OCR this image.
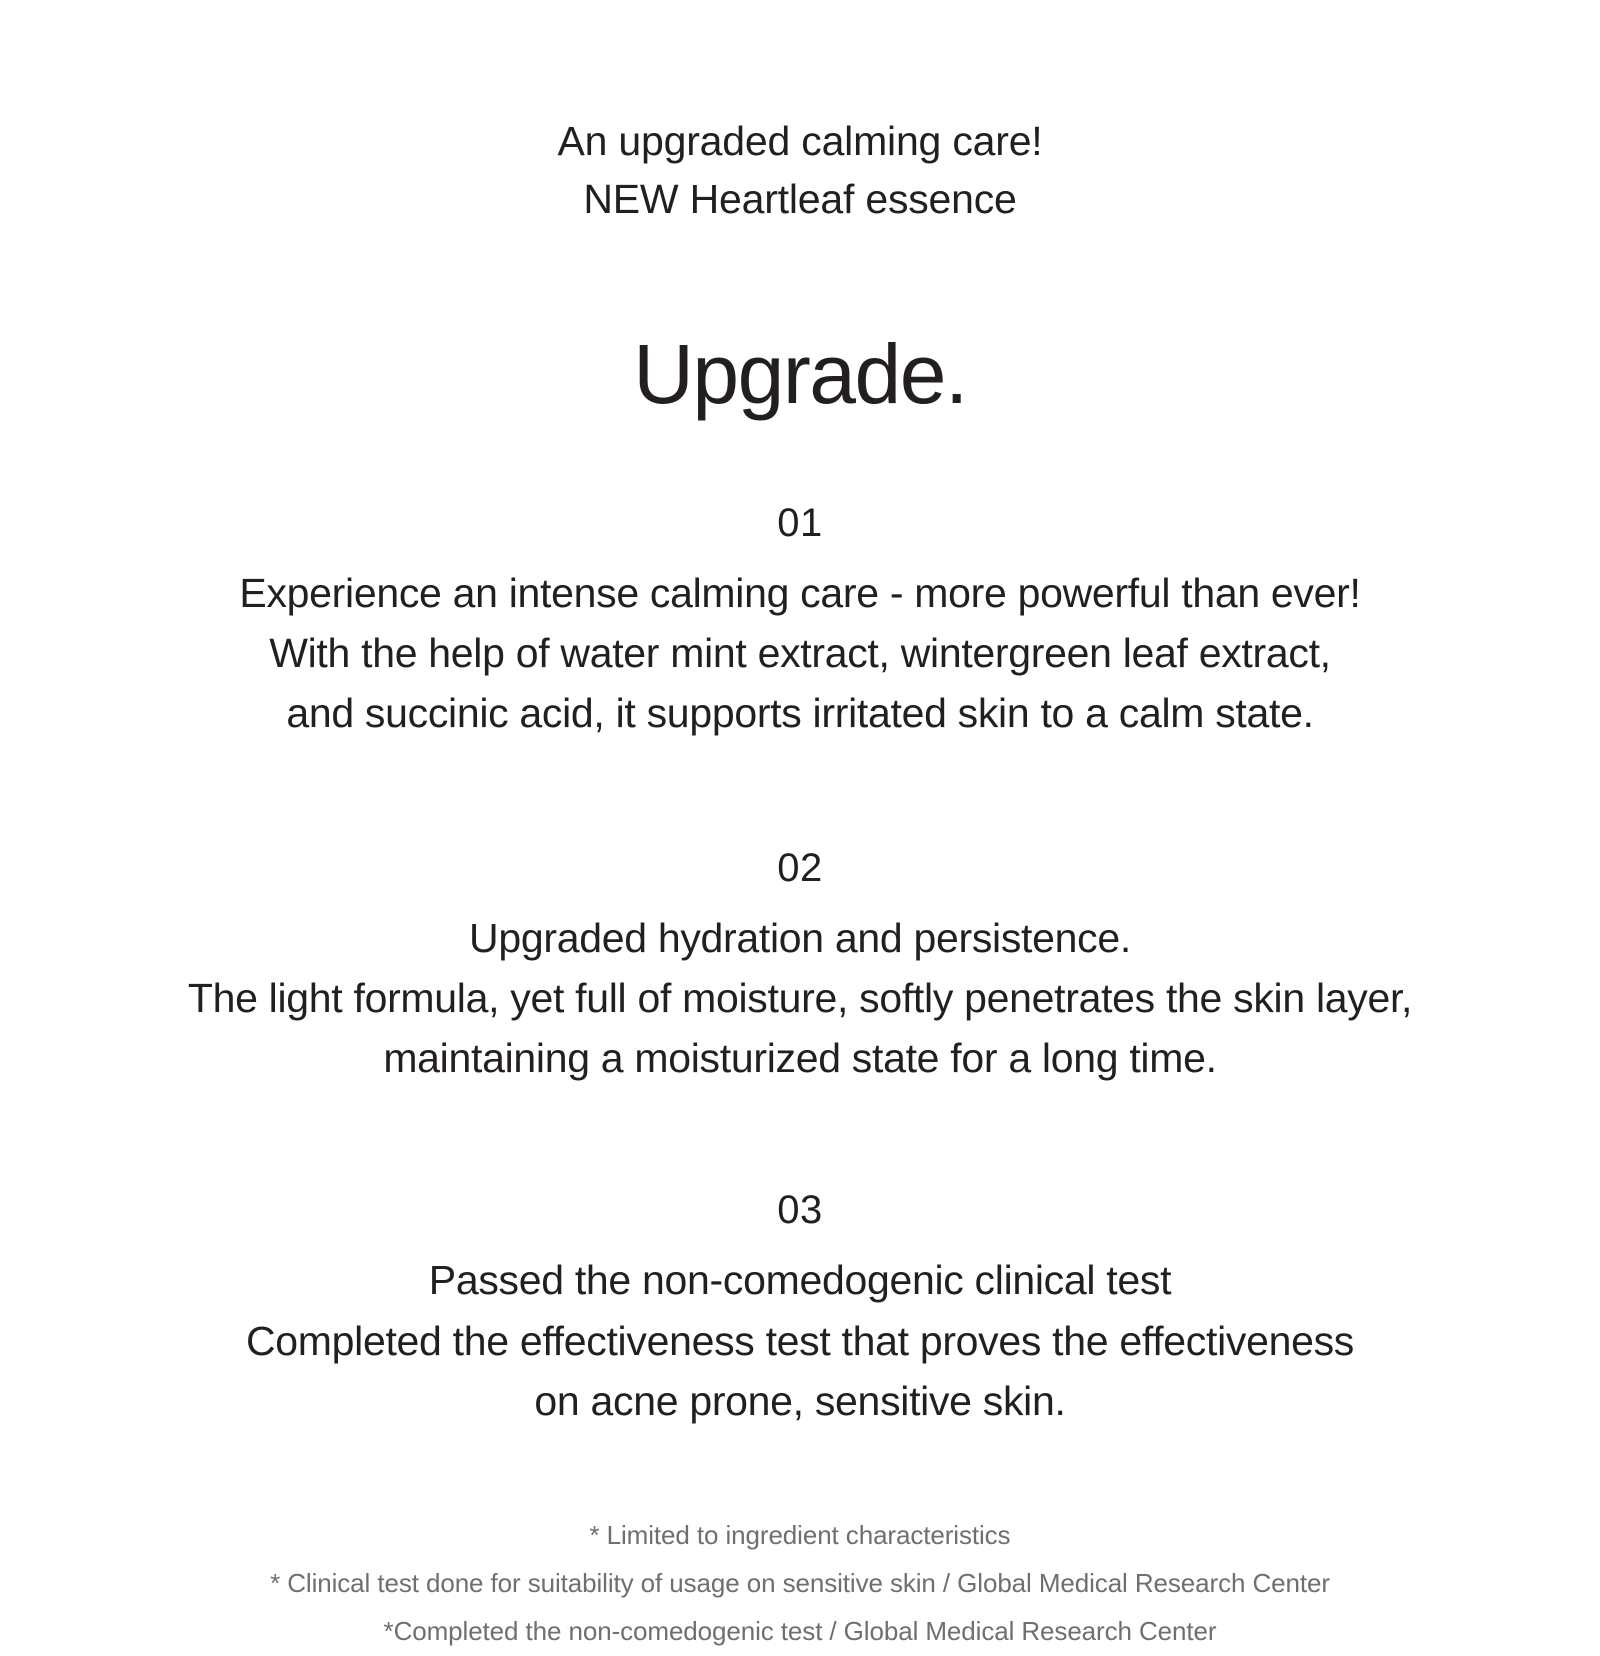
An upgraded calming care!
NEW Heartleaf essence
Upgrade.
01
Experience an intense calming care - more powerful than ever!
With the help of water mint extract, wintergreen leaf extract,
and succinic acid, it supports irritated skin to a calm state.
02
Upgraded hydration and persistence.
The light formula, yet full of moisture, softly penetrates the skin layer,
maintaining a moisturized state for a long time.
03
Passed the non-comedogenic clinical test
Completed the effectiveness test that proves the effectiveness
on acne prone, sensitive skin.
* Limited to ingredient characteristics
* Clinical test done for suitability of usage on sensitive skin / Global Medical Research Center
*Completed the non-comedogenic test / Global Medical Research Center
